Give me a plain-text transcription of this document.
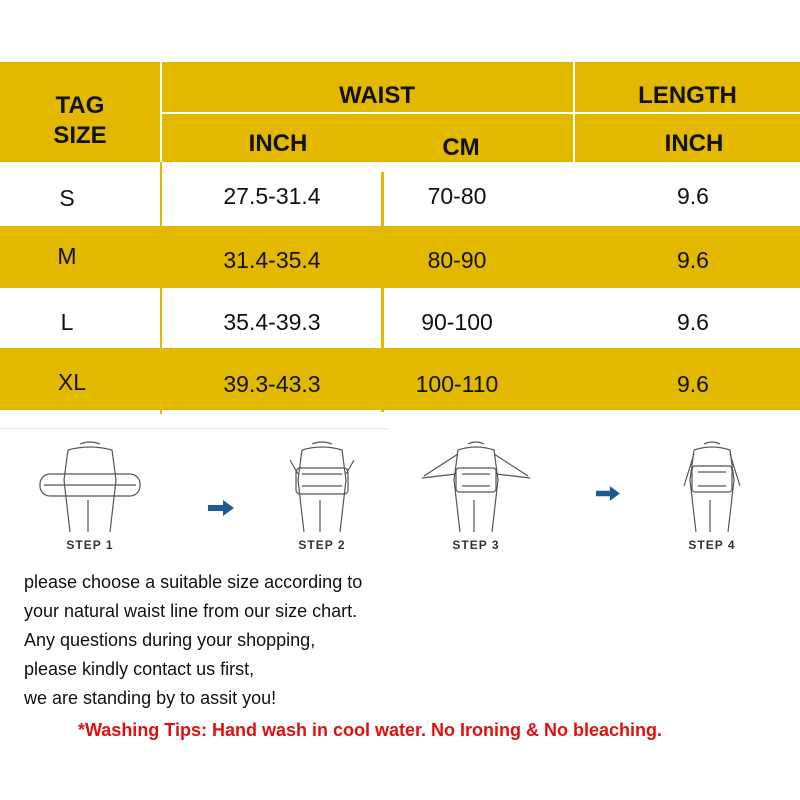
TAG
SIZE
WAIST	LENGTH
INCH	CM	INCH
S	27.5-31.4	70-80	9.6
M	31.4-35.4	80-90	9.6
L	35.4-39.3	90-100	9.6
XL	39.3-43.3	100-110	9.6
STEP 1	STEP 2	STEP 3	STEP 4
please choose a suitable size according to
your natural waist line from our size chart.
Any questions during your shopping,
please kindly contact us first,
we are standing by to assit you!
*Washing Tips: Hand wash in cool water. No Ironing & No bleaching.
